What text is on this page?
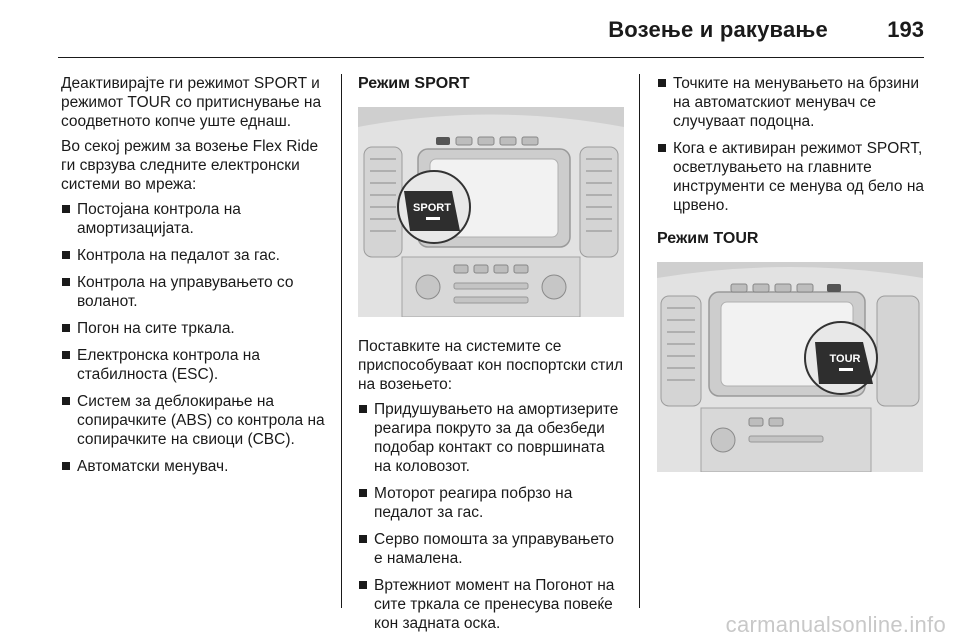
Возење и ракување	193

Деактивирајте ги режимот SPORT и режимот TOUR со притиснување на соодветното копче уште еднаш.

Во секој режим за возење Flex Ride ги сврзува следните електронски системи во мрежа:

Постојана контрола на амортизацијата.
Контрола на педалот за гас.
Контрола на управувањето со воланот.
Погон на сите тркала.
Електронска контрола на стабилноста (ESC).
Систем за деблокирање на сопирачките (ABS) со контрола на сопирачките на свиоци (CBC).
Автоматски менувач.
Режим SPORT
SPORT

Поставките на системите се приспособуваат кон поспортски стил на возењето:

Придушувањето на амортизерите реагира покруто за да обезбеди подобар контакт со површината на коловозот.
Моторот реагира побрзо на педалот за гас.
Серво помошта за управувањето е намалена.
Вртежниот момент на Погонот на сите тркала се пренесува повеќе кон задната оска.
Точките на менувањето на брзини на автоматскиот менувач се случуваат подоцна.
Кога е активиран режимот SPORT, осветлувањето на главните инструменти се менува од бело на црвено.
Режим TOUR
TOUR
carmanualsonline.info
